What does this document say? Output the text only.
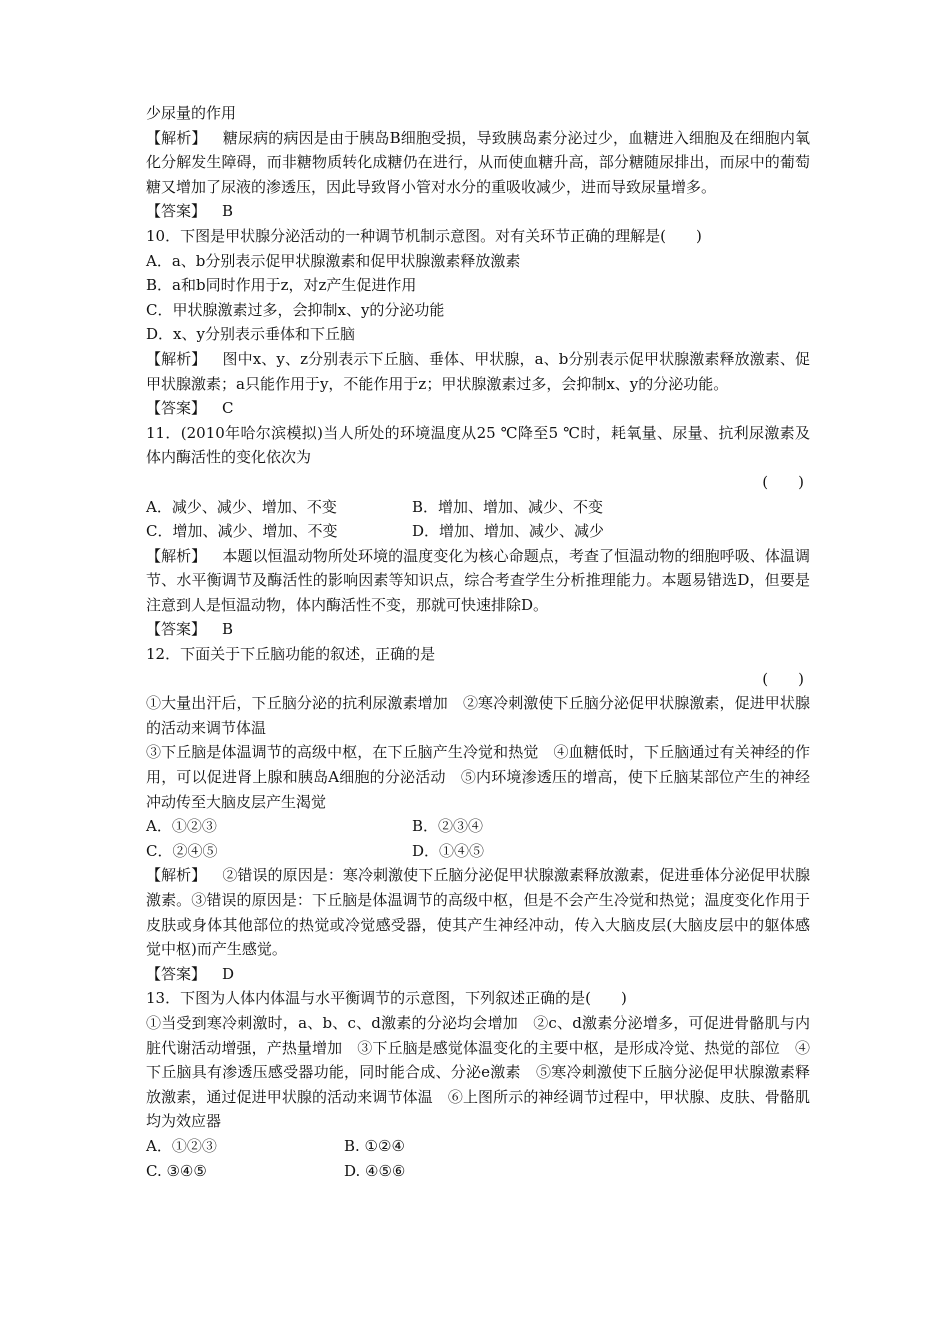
少尿量的作用
【解析】 糖尿病的病因是由于胰岛B细胞受损，导致胰岛素分泌过少，血糖进入细胞及在细胞内氧化分解发生障碍，而非糖物质转化成糖仍在进行，从而使血糖升高，部分糖随尿排出，而尿中的葡萄糖又增加了尿液的渗透压，因此导致肾小管对水分的重吸收减少，进而导致尿量增多。
【答案】 B
10．下图是甲状腺分泌活动的一种调节机制示意图。对有关环节正确的理解是(　　)
A．a、b分别表示促甲状腺激素和促甲状腺激素释放激素
B．a和b同时作用于z，对z产生促进作用
C．甲状腺激素过多，会抑制x、y的分泌功能
D．x、y分别表示垂体和下丘脑
【解析】 图中x、y、z分别表示下丘脑、垂体、甲状腺，a、b分别表示促甲状腺激素释放激素、促甲状腺激素；a只能作用于y，不能作用于z；甲状腺激素过多，会抑制x、y的分泌功能。
【答案】 C
11．(2010年哈尔滨模拟)当人所处的环境温度从25 ℃降至5 ℃时，耗氧量、尿量、抗利尿激素及体内酶活性的变化依次为
(　　)
A．减少、减少、增加、不变	B．增加、增加、减少、不变
C．增加、减少、增加、不变	D．增加、增加、减少、减少
【解析】 本题以恒温动物所处环境的温度变化为核心命题点，考查了恒温动物的细胞呼吸、体温调节、水平衡调节及酶活性的影响因素等知识点，综合考查学生分析推理能力。本题易错选D，但要是注意到人是恒温动物，体内酶活性不变，那就可快速排除D。
【答案】 B
12．下面关于下丘脑功能的叙述，正确的是
(　　)
①大量出汗后，下丘脑分泌的抗利尿激素增加　②寒冷刺激使下丘脑分泌促甲状腺激素，促进甲状腺的活动来调节体温
③下丘脑是体温调节的高级中枢，在下丘脑产生冷觉和热觉　④血糖低时，下丘脑通过有关神经的作用，可以促进肾上腺和胰岛A细胞的分泌活动　⑤内环境渗透压的增高，使下丘脑某部位产生的神经冲动传至大脑皮层产生渴觉
A．①②③	B．②③④
C．②④⑤	D．①④⑤
【解析】 ②错误的原因是：寒冷刺激使下丘脑分泌促甲状腺激素释放激素，促进垂体分泌促甲状腺激素。③错误的原因是：下丘脑是体温调节的高级中枢，但是不会产生冷觉和热觉；温度变化作用于皮肤或身体其他部位的热觉或冷觉感受器，使其产生神经冲动，传入大脑皮层(大脑皮层中的躯体感觉中枢)而产生感觉。
【答案】 D
13．下图为人体内体温与水平衡调节的示意图，下列叙述正确的是(　　)
①当受到寒冷刺激时，a、b、c、d激素的分泌均会增加　②c、d激素分泌增多，可促进骨骼肌与内脏代谢活动增强，产热量增加　③下丘脑是感觉体温变化的主要中枢，是形成冷觉、热觉的部位　④下丘脑具有渗透压感受器功能，同时能合成、分泌e激素　⑤寒冷刺激使下丘脑分泌促甲状腺激素释放激素，通过促进甲状腺的活动来调节体温　⑥上图所示的神经调节过程中，甲状腺、皮肤、骨骼肌均为效应器
A．①②③	B. ①②④
C. ③④⑤	D. ④⑤⑥
